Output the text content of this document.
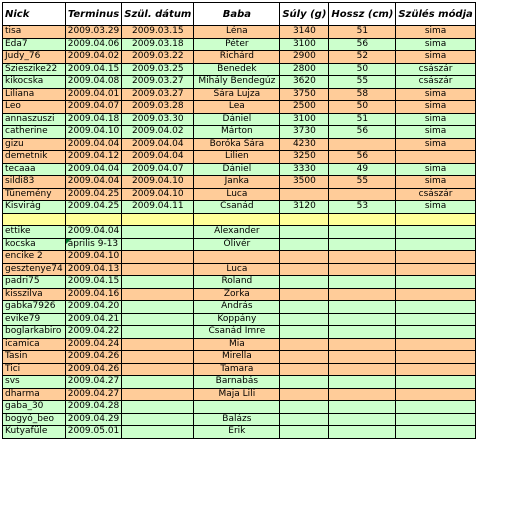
Nick	Terminus	Szül. dátum	Baba	Súly (g)	Hossz (cm)	Szülés módja
tisa	2009.03.29	2009.03.15	Léna	3140	51	sima
Eda7	2009.04.06	2009.03.18	Péter	3100	56	sima
Judy_76	2009.04.02	2009.03.22	Richárd	2900	52	sima
Szieszike22	2009.04.15	2009.03.25	Benedek	2800	50	császár
kikocska	2009.04.08	2009.03.27	Mihály Bendegúz	3620	55	császár
Liliana	2009.04.01	2009.03.27	Sára Lujza	3750	58	sima
Leo	2009.04.07	2009.03.28	Lea	2500	50	sima
annaszuszi	2009.04.18	2009.03.30	Dániel	3100	51	sima
catherine	2009.04.10	2009.04.02	Márton	3730	56	sima
gizu	2009.04.04	2009.04.04	Boróka Sára	4230		sima
demetnik	2009.04.12	2009.04.04	Lilien	3250	56	
tecaaa	2009.04.04	2009.04.07	Dániel	3330	49	sima
sildi83	2009.04.04	2009.04.10	Janka	3500	55	sima
Tünemény	2009.04.25	2009.04.10	Luca			császár
Kisvirág	2009.04.25	2009.04.11	Csanád	3120	53	sima

ettike	2009.04.04		Alexander			
kocska	április 9-13		Olivér			
encike 2	2009.04.10					
gesztenye74	2009.04.13		Luca			
padri75	2009.04.15		Roland			
kisszilva	2009.04.16		Zorka			
gabka7926	2009.04.20		András			
evike79	2009.04.21		Koppány			
boglarkabiro	2009.04.22		Csanád Imre			
icamica	2009.04.24		Mia			
Tasin	2009.04.26		Mirella			
Tici	2009.04.26		Tamara			
svs	2009.04.27		Barnabás			
dharma	2009.04.27		Maja Lili			
gaba_30	2009.04.28					
bogyó_beo	2009.04.29		Balázs			
Kutyafüle	2009.05.01		Erik			
